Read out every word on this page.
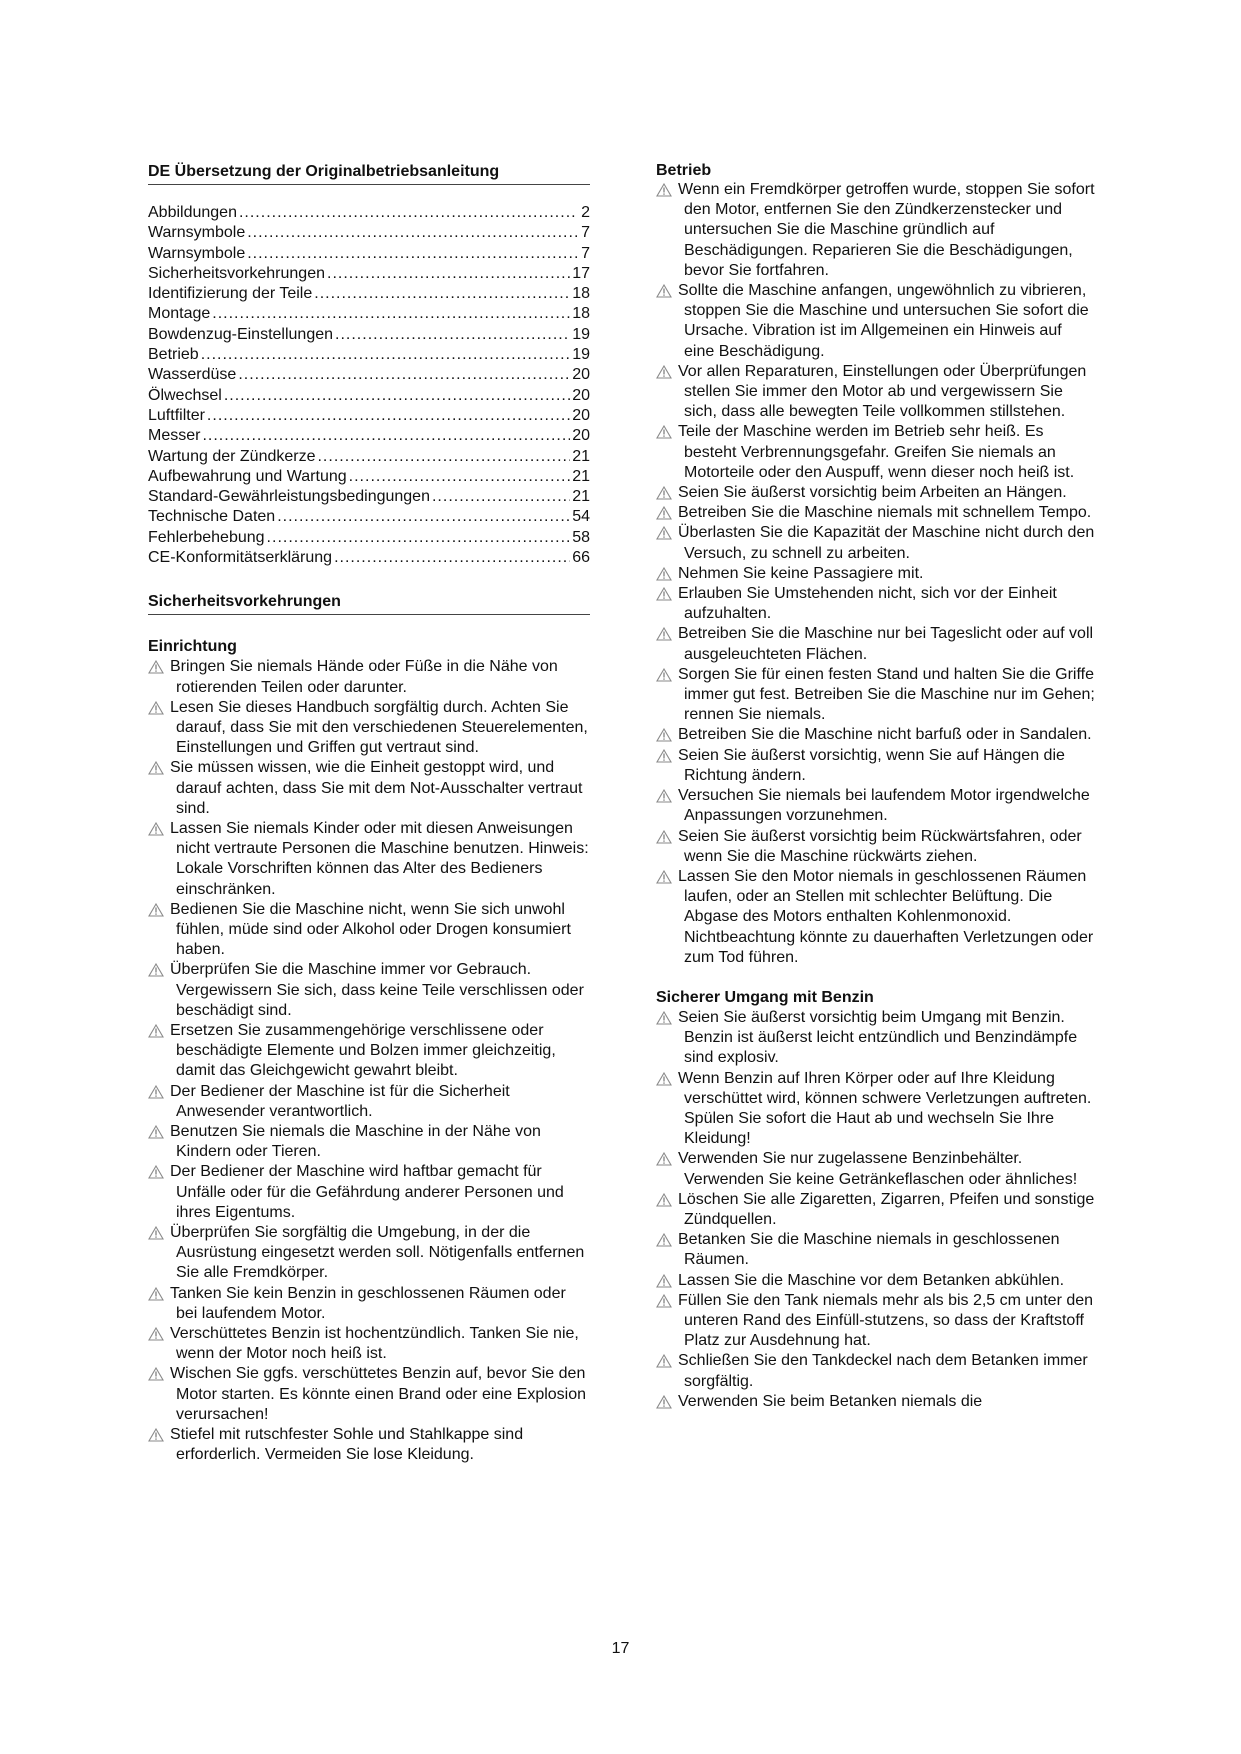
DE Übersetzung der Originalbetriebsanleitung
Abbildungen .....	2
Warnsymbole .....	7
Warnsymbole .....	7
Sicherheitsvorkehrungen .....	17
Identifizierung der Teile .....	18
Montage .....	18
Bowdenzug-Einstellungen .....	19
Betrieb .....	19
Wasserdüse .....	20
Ölwechsel .....	20
Luftfilter .....	20
Messer .....	20
Wartung der Zündkerze .....	21
Aufbewahrung und Wartung .....	21
Standard-Gewährleistungsbedingungen .....	21
Technische Daten .....	54
Fehlerbehebung .....	58
CE-Konformitätserklärung .....	66
Sicherheitsvorkehrungen
Einrichtung
Bringen Sie niemals Hände oder Füße in die Nähe von rotierenden Teilen oder darunter.
Lesen Sie dieses Handbuch sorgfältig durch. Achten Sie darauf, dass Sie mit den verschiedenen Steuerelementen, Einstellungen und Griffen gut vertraut sind.
Sie müssen wissen, wie die Einheit gestoppt wird, und darauf achten, dass Sie mit dem Not-Ausschalter vertraut sind.
Lassen Sie niemals Kinder oder mit diesen Anweisungen nicht vertraute Personen die Maschine benutzen. Hinweis: Lokale Vorschriften können das Alter des Bedieners einschränken.
Bedienen Sie die Maschine nicht, wenn Sie sich unwohl fühlen, müde sind oder Alkohol oder Drogen konsumiert haben.
Überprüfen Sie die Maschine immer vor Gebrauch. Vergewissern Sie sich, dass keine Teile verschlissen oder beschädigt sind.
Ersetzen Sie zusammengehörige verschlissene oder beschädigte Elemente und Bolzen immer gleichzeitig, damit das Gleichgewicht gewahrt bleibt.
Der Bediener der Maschine ist für die Sicherheit Anwesender verantwortlich.
Benutzen Sie niemals die Maschine in der Nähe von Kindern oder Tieren.
Der Bediener der Maschine wird haftbar gemacht für Unfälle oder für die Gefährdung anderer Personen und ihres Eigentums.
Überprüfen Sie sorgfältig die Umgebung, in der die Ausrüstung eingesetzt werden soll. Nötigenfalls entfernen Sie alle Fremdkörper.
Tanken Sie kein Benzin in geschlossenen Räumen oder bei laufendem Motor.
Verschüttetes Benzin ist hochentzündlich. Tanken Sie nie, wenn der Motor noch heiß ist.
Wischen Sie ggfs. verschüttetes Benzin auf, bevor Sie den Motor starten. Es könnte einen Brand oder eine Explosion verursachen!
Stiefel mit rutschfester Sohle und Stahlkappe sind erforderlich. Vermeiden Sie lose Kleidung.
Betrieb
Wenn ein Fremdkörper getroffen wurde, stoppen Sie sofort den Motor, entfernen Sie den Zündkerzenstecker und untersuchen Sie die Maschine gründlich auf Beschädigungen. Reparieren Sie die Beschädigungen, bevor Sie fortfahren.
Sollte die Maschine anfangen, ungewöhnlich zu vibrieren, stoppen Sie die Maschine und untersuchen Sie sofort die Ursache. Vibration ist im Allgemeinen ein Hinweis auf eine Beschädigung.
Vor allen Reparaturen, Einstellungen oder Überprüfungen stellen Sie immer den Motor ab und vergewissern Sie sich, dass alle bewegten Teile vollkommen stillstehen.
Teile der Maschine werden im Betrieb sehr heiß. Es besteht Verbrennungsgefahr. Greifen Sie niemals an Motorteile oder den Auspuff, wenn dieser noch heiß ist.
Seien Sie äußerst vorsichtig beim Arbeiten an Hängen.
Betreiben Sie die Maschine niemals mit schnellem Tempo.
Überlasten Sie die Kapazität der Maschine nicht durch den Versuch, zu schnell zu arbeiten.
Nehmen Sie keine Passagiere mit.
Erlauben Sie Umstehenden nicht, sich vor der Einheit aufzuhalten.
Betreiben Sie die Maschine nur bei Tageslicht oder auf voll ausgeleuchteten Flächen.
Sorgen Sie für einen festen Stand und halten Sie die Griffe immer gut fest. Betreiben Sie die Maschine nur im Gehen; rennen Sie niemals.
Betreiben Sie die Maschine nicht barfuß oder in Sandalen.
Seien Sie äußerst vorsichtig, wenn Sie auf Hängen die Richtung ändern.
Versuchen Sie niemals bei laufendem Motor irgendwelche Anpassungen vorzunehmen.
Seien Sie äußerst vorsichtig beim Rückwärtsfahren, oder wenn Sie die Maschine rückwärts ziehen.
Lassen Sie den Motor niemals in geschlossenen Räumen laufen, oder an Stellen mit schlechter Belüftung. Die Abgase des Motors enthalten Kohlenmonoxid. Nichtbeachtung könnte zu dauerhaften Verletzungen oder zum Tod führen.
Sicherer Umgang mit Benzin
Seien Sie äußerst vorsichtig beim Umgang mit Benzin. Benzin ist äußerst leicht entzündlich und Benzindämpfe sind explosiv.
Wenn Benzin auf Ihren Körper oder auf Ihre Kleidung verschüttet wird, können schwere Verletzungen auftreten. Spülen Sie sofort die Haut ab und wechseln Sie Ihre Kleidung!
Verwenden Sie nur zugelassene Benzinbehälter. Verwenden Sie keine Getränkeflaschen oder ähnliches!
Löschen Sie alle Zigaretten, Zigarren, Pfeifen und sonstige Zündquellen.
Betanken Sie die Maschine niemals in geschlossenen Räumen.
Lassen Sie die Maschine vor dem Betanken abkühlen.
Füllen Sie den Tank niemals mehr als bis 2,5 cm unter den unteren Rand des Einfüll-stutzens, so dass der Kraftstoff Platz zur Ausdehnung hat.
Schließen Sie den Tankdeckel nach dem Betanken immer sorgfältig.
Verwenden Sie beim Betanken niemals die
17
